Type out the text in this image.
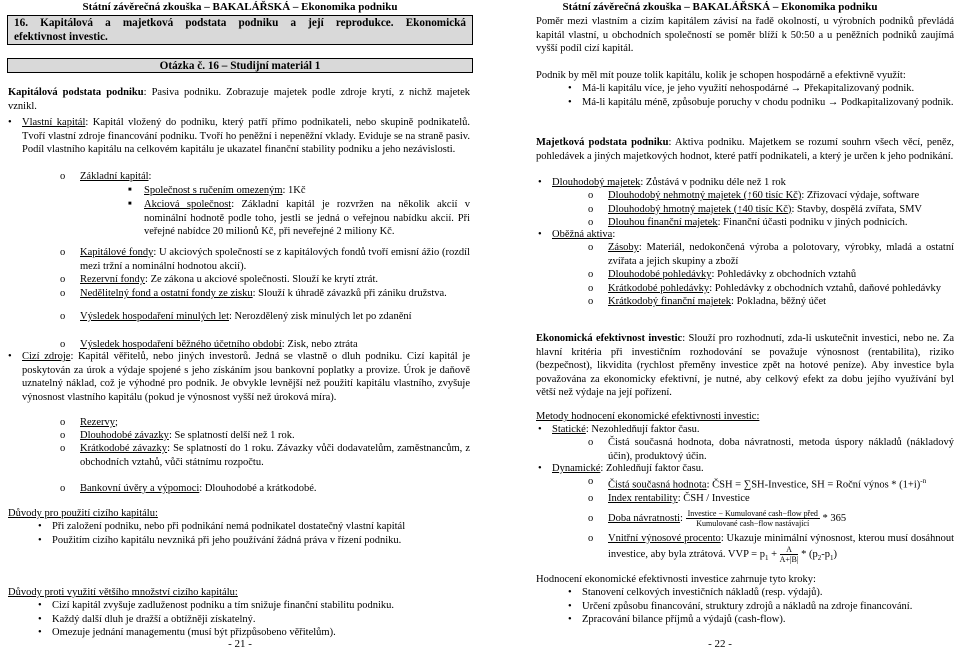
Státní závěrečná zkouška – BAKALÁŘSKÁ – Ekonomika podniku
16. Kapitálová a majetková podstata podniku a její reprodukce. Ekonomická
efektivnost investic.
Otázka č. 16 – Studijní materiál 1
Kapitálová podstata podniku: Pasiva podniku. Zobrazuje majetek podle zdroje krytí, z nichž majetek vznikl.
• Vlastní kapitál: Kapitál vložený do podniku, který patří přímo podnikateli, nebo skupině podnikatelů. Tvoří vlastní zdroje financování podniku. Tvoří ho peněžní i nepeněžní vklady. Eviduje se na straně pasiv. Podíl vlastního kapitálu na celkovém kapitálu je ukazatel finanční stability podniku a jeho nezávislosti.
o Základní kapitál:
■ Společnost s ručením omezeným: 1Kč
■ Akciová společnost: Základní kapitál je rozvržen na několik akcií v nominální hodnotě podle toho, jestli se jedná o veřejnou nabídku akcií. Při veřejné nabídce 20 milionů Kč, při neveřejné 2 miliony Kč.
o Kapitálové fondy: U akciových společností se z kapitálových fondů tvoří emisní ážio (rozdíl mezi tržní a nominální hodnotou akcií).
o Rezervní fondy: Ze zákona u akciové společnosti. Slouží ke krytí ztrát.
o Nedělitelný fond a ostatní fondy ze zisku: Slouží k úhradě závazků při zániku družstva.
o Výsledek hospodaření minulých let: Nerozdělený zisk minulých let po zdanění
o Výsledek hospodaření běžného účetního období: Zisk, nebo ztráta
• Cizí zdroje: Kapitál věřitelů, nebo jiných investorů. Jedná se vlastně o dluh podniku. Cizí kapitál je poskytován za úrok a výdaje spojené s jeho získáním jsou bankovní poplatky a provize. Úrok je daňově uznatelný náklad, což je výhodné pro podnik. Je obvykle levnější než použití kapitálu vlastního, zvyšuje výnosnost vlastního kapitálu (pokud je výnosnost vyšší než úroková míra).
o Rezervy;
o Dlouhodobé závazky: Se splatností delší než 1 rok.
o Krátkodobé závazky: Se splatností do 1 roku. Závazky vůči dodavatelům, zaměstnancům, z obchodních vztahů, vůči státnímu rozpočtu.
o Bankovní úvěry a výpomoci: Dlouhodobé a krátkodobé.
Důvody pro použití cizího kapitálu:
• Při založení podniku, nebo při podnikání nemá podnikatel dostatečný vlastní kapitál
• Použitím cizího kapitálu nevzniká při jeho používání žádná práva v řízení podniku.
Důvody proti využití většího množství cizího kapitálu:
• Cizí kapitál zvyšuje zadluženost podniku a tím snižuje finanční stabilitu podniku.
• Každý další dluh je dražší a obtížněji získatelný.
• Omezuje jednání managementu (musí být přizpůsobeno věřitelům).
- 21 -
Státní závěrečná zkouška – BAKALÁŘSKÁ – Ekonomika podniku
Poměr mezi vlastním a cizím kapitálem závisí na řadě okolností, u výrobních podniků převládá kapitál vlastní, u obchodních společností se poměr blíží k 50:50 a u peněžních podniků zaujímá vyšší podíl cizí kapitál.
Podnik by měl mít pouze tolik kapitálu, kolik je schopen hospodárně a efektivně využít:
• Má-li kapitálu více, je jeho využití nehospodárné → Překapitalizovaný podnik.
• Má-li kapitálu méně, způsobuje poruchy v chodu podniku → Podkapitalizovaný podnik.
Majetková podstata podniku: Aktiva podniku. Majetkem se rozumí souhrn všech věcí, peněz, pohledávek a jiných majetkových hodnot, které patří podnikateli, a který je určen k jeho podnikání.
• Dlouhodobý majetek: Zůstává v podniku déle než 1 rok
o Dlouhodobý nehmotný majetek (↑60 tisíc Kč): Zřizovací výdaje, software
o Dlouhodobý hmotný majetek (↑40 tisíc Kč): Stavby, dospělá zvířata, SMV
o Dlouhou finanční majetek: Finanční účasti podniku v jiných podnicích.
• Oběžná aktiva:
o Zásoby: Materiál, nedokončená výroba a polotovary, výrobky, mladá a ostatní zvířata a jejich skupiny a zboží
o Dlouhodobé pohledávky: Pohledávky z obchodních vztahů
o Krátkodobé pohledávky: Pohledávky z obchodních vztahů, daňové pohledávky
o Krátkodobý finanční majetek: Pokladna, běžný účet
Ekonomická efektivnost investic: Slouží pro rozhodnutí, zda-li uskutečnit investici, nebo ne. Za hlavní kritéria při investičním rozhodování se považuje výnosnost (rentabilita), riziko (bezpečnost), likvidita (rychlost přeměny investice zpět na hotové peníze). Aby investice byla považována za ekonomicky efektivní, je nutné, aby celkový efekt za dobu jejího využívání byl větší než výdaje na její pořízení.
Metody hodnocení ekonomické efektivnosti investic:
• Statické: Nezohledňují faktor času.
o Čistá současná hodnota, doba návratnosti, metoda úspory nákladů (nákladový účin), produktový účin.
• Dynamické: Zohledňují faktor času.
o Čistá současná hodnota: ČSH = ∑SH-Investice, SH = Roční výnos * $(1+i)^{-n}$
o Index rentability: ČSH / Investice
o Doba návratnosti: $\frac{\text{Investice − Kumulované cash−flow před}}{\text{Kumulované cash−flow nastávající}} * 365$
o Vnitřní výnosové procento: Ukazuje minimální výnosnost, kterou musí dosáhnout investice, aby byla ztrátová. VVP = $p_1 + \frac{A}{A+|B|} * (p_2-p_1)$
Hodnocení ekonomické efektivnosti investice zahrnuje tyto kroky:
• Stanovení celkových investičních nákladů (resp. výdajů).
• Určení způsobu financování, struktury zdrojů a nákladů na zdroje financování.
• Zpracování bilance příjmů a výdajů (cash-flow).
- 22 -
